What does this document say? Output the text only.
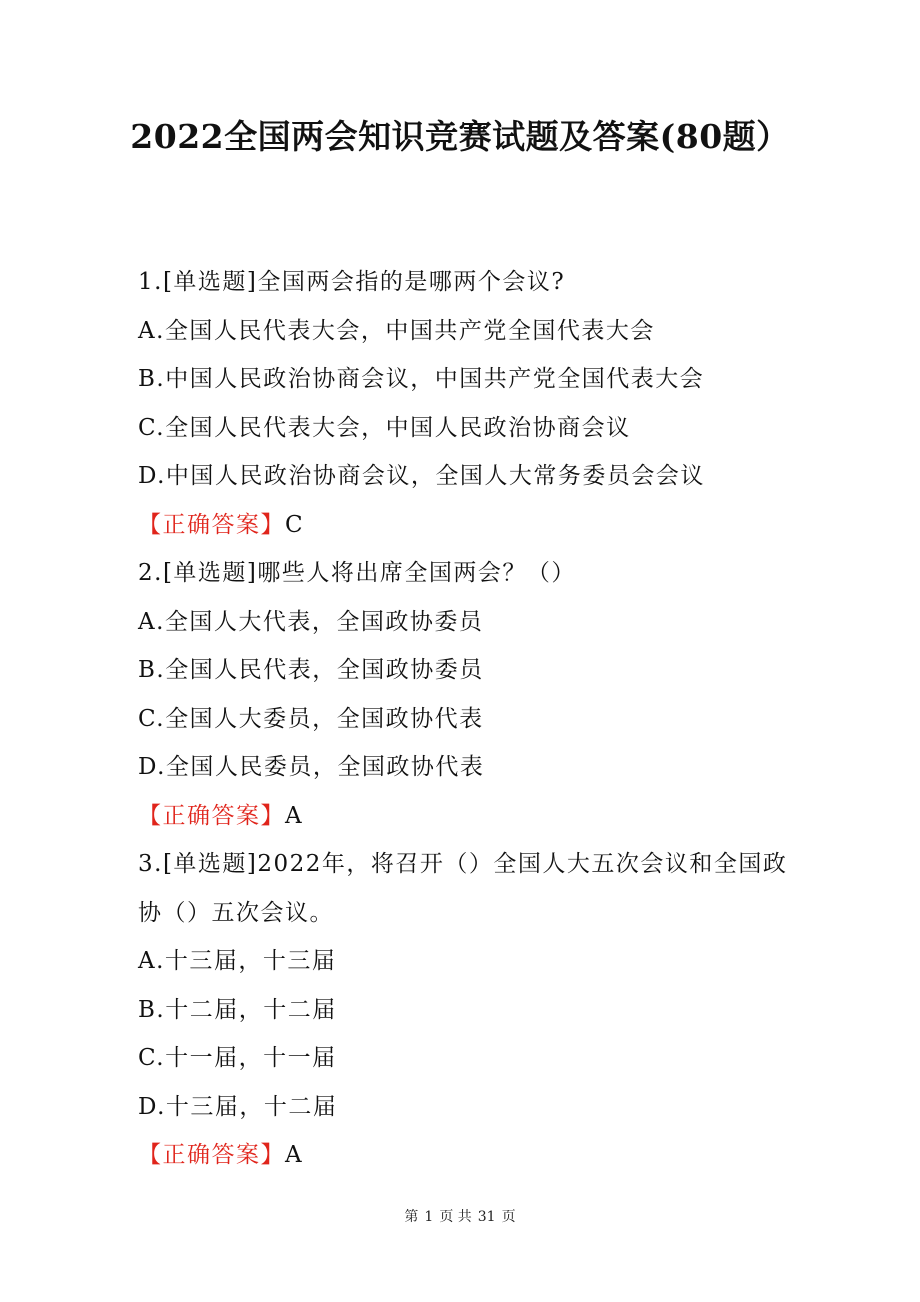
2022全国两会知识竞赛试题及答案(80题）
1.[单选题]全国两会指的是哪两个会议?
A.全国人民代表大会，中国共产党全国代表大会
B.中国人民政治协商会议，中国共产党全国代表大会
C.全国人民代表大会，中国人民政治协商会议
D.中国人民政治协商会议，全国人大常务委员会会议
【正确答案】C
2.[单选题]哪些人将出席全国两会？（）
A.全国人大代表，全国政协委员
B.全国人民代表，全国政协委员
C.全国人大委员，全国政协代表
D.全国人民委员，全国政协代表
【正确答案】A
3.[单选题]2022年，将召开（）全国人大五次会议和全国政协（）五次会议。
A.十三届，十三届
B.十二届，十二届
C.十一届，十一届
D.十三届，十二届
【正确答案】A
第 1 页 共 31 页
